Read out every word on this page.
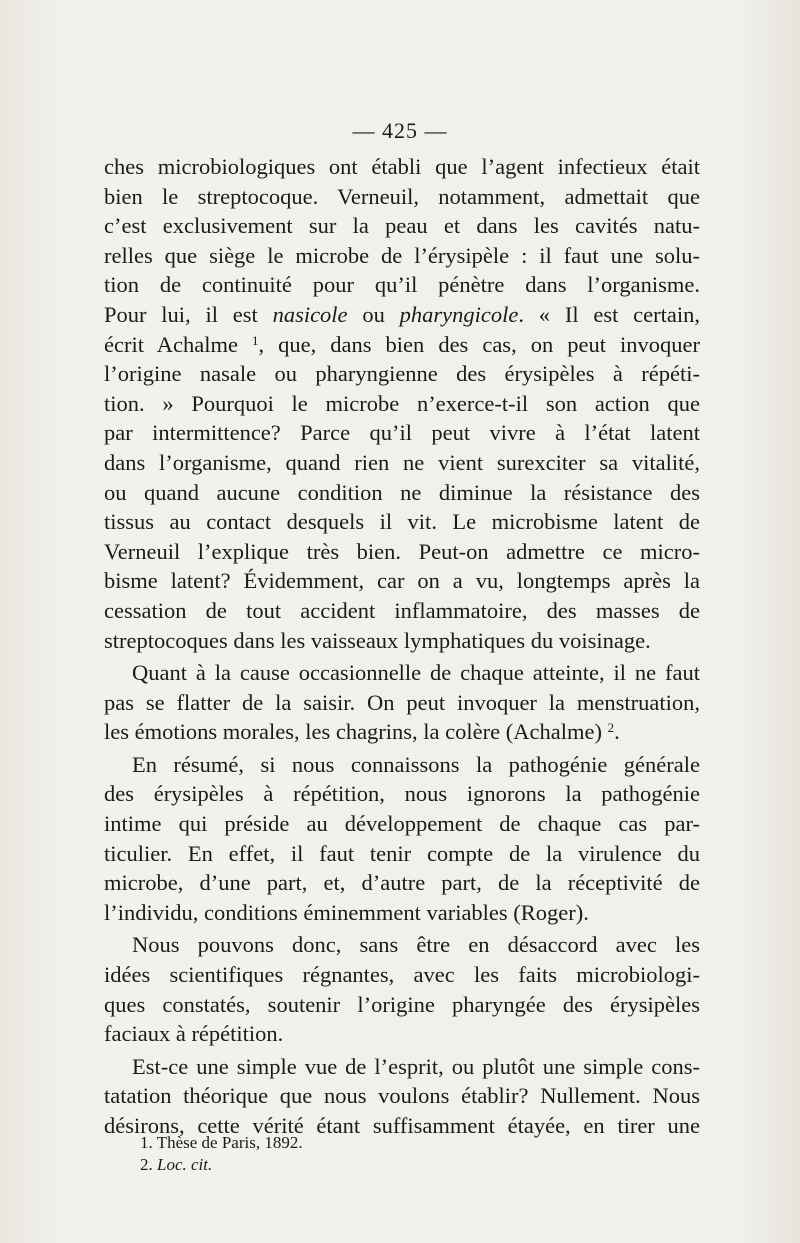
— 425 —
ches microbiologiques ont établi que l’agent infectieux était
bien le streptocoque. Verneuil, notamment, admettait que
c’est exclusivement sur la peau et dans les cavités natu-
relles que siège le microbe de l’érysipèle : il faut une solu-
tion de continuité pour qu’il pénètre dans l’organisme.
Pour lui, il est nasicole ou pharyngicole. « Il est certain,
écrit Achalme $^1$, que, dans bien des cas, on peut invoquer
l’origine nasale ou pharyngienne des érysipèles à répéti-
tion. » Pourquoi le microbe n’exerce-t-il son action que
par intermittence? Parce qu’il peut vivre à l’état latent
dans l’organisme, quand rien ne vient surexciter sa vitalité,
ou quand aucune condition ne diminue la résistance des
tissus au contact desquels il vit. Le microbisme latent de
Verneuil l’explique très bien. Peut-on admettre ce micro-
bisme latent? Évidemment, car on a vu, longtemps après la
cessation de tout accident inflammatoire, des masses de
streptocoques dans les vaisseaux lymphatiques du voisinage.
Quant à la cause occasionnelle de chaque atteinte, il ne faut
pas se flatter de la saisir. On peut invoquer la menstruation,
les émotions morales, les chagrins, la colère (Achalme) $^2$.
En résumé, si nous connaissons la pathogénie générale
des érysipèles à répétition, nous ignorons la pathogénie
intime qui préside au développement de chaque cas par-
ticulier. En effet, il faut tenir compte de la virulence du
microbe, d’une part, et, d’autre part, de la réceptivité de
l’individu, conditions éminemment variables (Roger).
Nous pouvons donc, sans être en désaccord avec les
idées scientifiques régnantes, avec les faits microbiologi-
ques constatés, soutenir l’origine pharyngée des érysipèles
faciaux à répétition.
Est-ce une simple vue de l’esprit, ou plutôt une simple cons-
tatation théorique que nous voulons établir? Nullement. Nous
désirons, cette vérité étant suffisamment étayée, en tirer une
1. Thèse de Paris, 1892.
2. Loc. cit.
